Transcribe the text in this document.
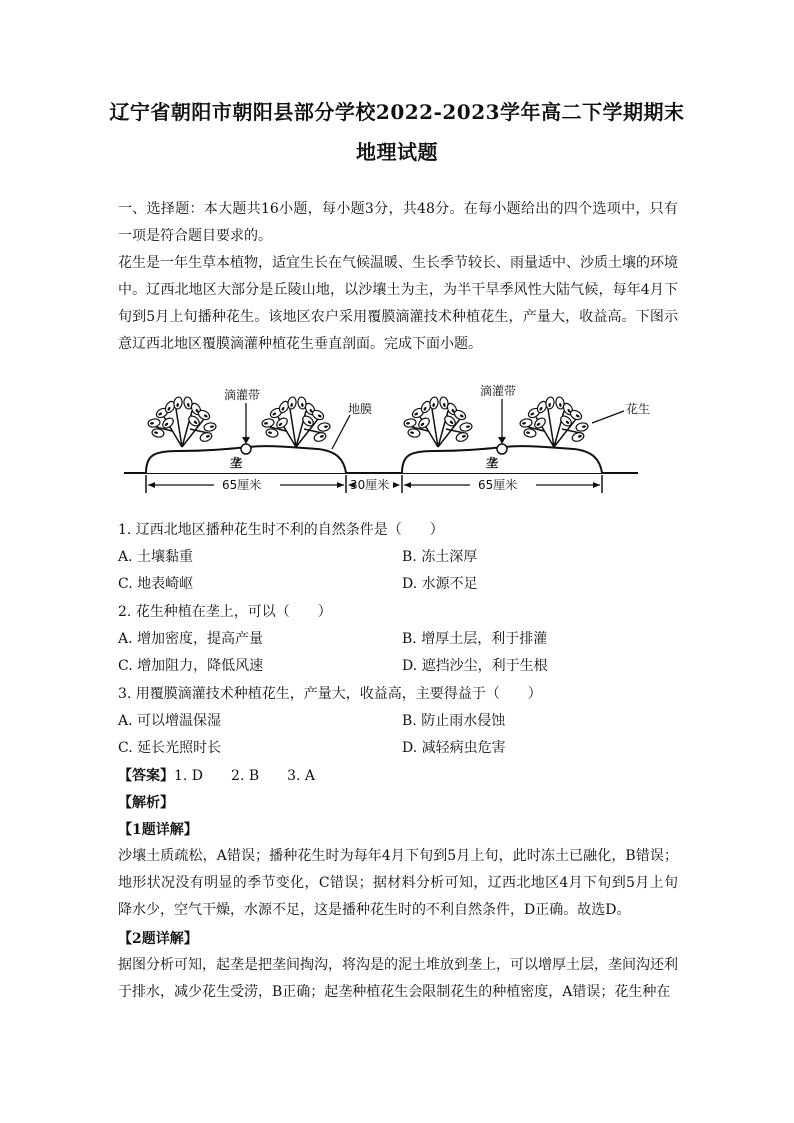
辽宁省朝阳市朝阳县部分学校2022-2023学年高二下学期期末
地理试题
一、选择题：本大题共16小题，每小题3分，共48分。在每小题给出的四个选项中，只有一项是符合题目要求的。
花生是一年生草本植物，适宜生长在气候温暖、生长季节较长、雨量适中、沙质土壤的环境中。辽西北地区大部分是丘陵山地，以沙壤土为主，为半干旱季风性大陆气候，每年4月下旬到5月上旬播种花生。该地区农户采用覆膜滴灌技术种植花生，产量大，收益高。下图示意辽西北地区覆膜滴灌种植花生垂直剖面。完成下面小题。
滴灌带
地膜
滴灌带
花生
垄	垄
65厘米	30厘米	65厘米
1. 辽西北地区播种花生时不利的自然条件是（　　）
A. 土壤黏重	B. 冻土深厚
C. 地表崎岖	D. 水源不足
2. 花生种植在垄上，可以（　　）
A. 增加密度，提高产量	B. 增厚土层，利于排灌
C. 增加阻力，降低风速	D. 遮挡沙尘，利于生根
3. 用覆膜滴灌技术种植花生，产量大，收益高，主要得益于（　　）
A. 可以增温保湿	B. 防止雨水侵蚀
C. 延长光照时长	D. 减轻病虫危害
【答案】1. D　　2. B　　3. A
【解析】
【1题详解】
沙壤土质疏松，A错误；播种花生时为每年4月下旬到5月上旬，此时冻土已融化，B错误；地形状况没有明显的季节变化，C错误；据材料分析可知，辽西北地区4月下旬到5月上旬降水少，空气干燥，水源不足，这是播种花生时的不利自然条件，D正确。故选D。
【2题详解】
据图分析可知，起垄是把垄间掏沟，将沟是的泥土堆放到垄上，可以增厚土层，垄间沟还利于排水，减少花生受涝，B正确；起垄种植花生会限制花生的种植密度，A错误；花生种在
